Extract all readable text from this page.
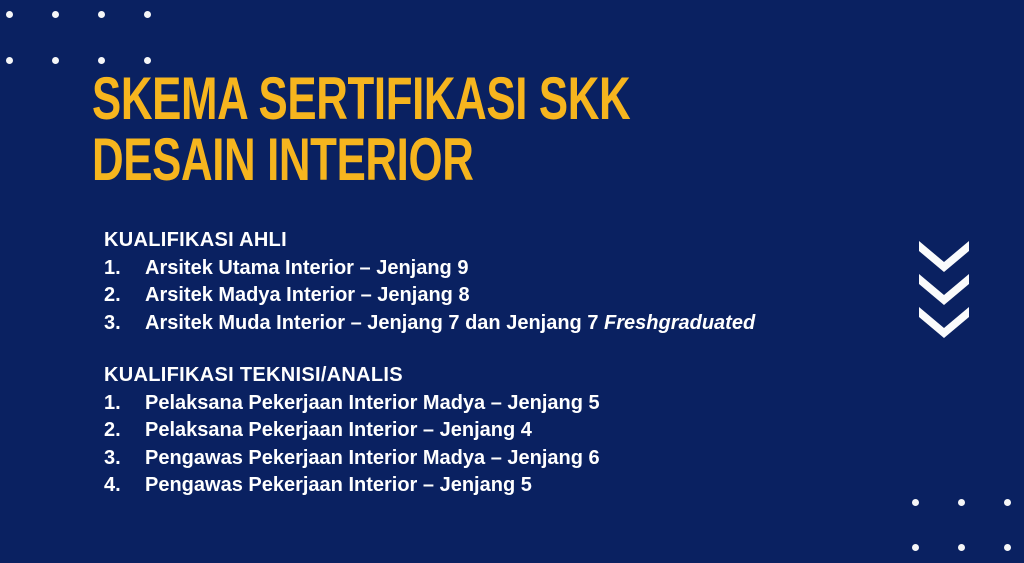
SKEMA SERTIFIKASI SKK
DESAIN INTERIOR
KUALIFIKASI AHLI
1.	Arsitek Utama Interior – Jenjang 9
2.	Arsitek Madya Interior – Jenjang 8
3.	Arsitek Muda Interior – Jenjang 7 dan Jenjang 7 Freshgraduated
KUALIFIKASI TEKNISI/ANALIS
1.	Pelaksana Pekerjaan Interior Madya – Jenjang 5
2.	Pelaksana Pekerjaan Interior – Jenjang 4
3.	Pengawas Pekerjaan Interior Madya – Jenjang 6
4.	Pengawas Pekerjaan Interior – Jenjang 5
